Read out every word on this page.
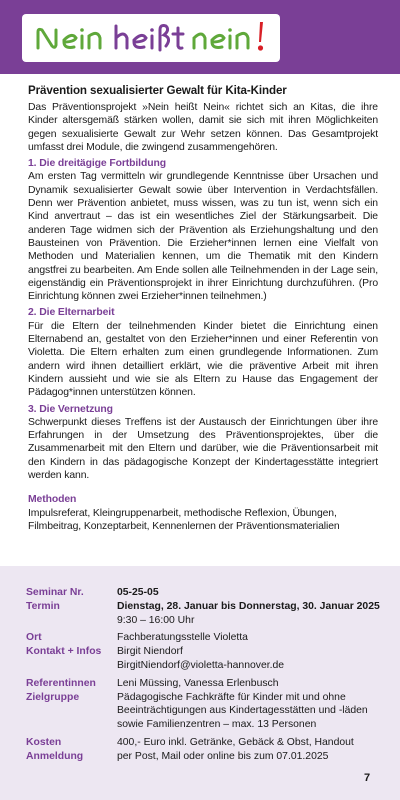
Prävention sexualisierter Gewalt für Kita-Kinder

Das Präventionsprojekt »Nein heißt Nein« richtet sich an Kitas, die ihre Kinder altersgemäß stärken wollen, damit sie sich mit ihren Möglichkeiten gegen sexualisierte Gewalt zur Wehr setzen können. Das Gesamtprojekt umfasst drei Module, die zwingend zusammengehören.

1. Die dreitägige Fortbildung

Am ersten Tag vermitteln wir grundlegende Kenntnisse über Ursachen und Dynamik sexualisierter Gewalt sowie über Intervention in Verdachtsfällen. Denn wer Prävention anbietet, muss wissen, was zu tun ist, wenn sich ein Kind anvertraut – das ist ein wesentliches Ziel der Stärkungsarbeit. Die anderen Tage widmen sich der Prävention als Erziehungshaltung und den Bausteinen von Prävention. Die Erzieher*innen lernen eine Vielfalt von Methoden und Materialien kennen, um die Thematik mit den Kindern angstfrei zu bearbeiten. Am Ende sollen alle Teilnehmenden in der Lage sein, eigenständig ein Präventionsprojekt in ihrer Einrichtung durchzuführen. (Pro Einrichtung können zwei Erzieher*innen teilnehmen.)

2. Die Elternarbeit

Für die Eltern der teilnehmenden Kinder bietet die Einrichtung einen Elternabend an, gestaltet von den Erzieher*innen und einer Referentin von Violetta. Die Eltern erhalten zum einen grundlegende Informationen. Zum andern wird ihnen detailliert erklärt, wie die präventive Arbeit mit ihren Kindern aussieht und wie sie als Eltern zu Hause das Engagement der Pädagog*innen unterstützen können.

3. Die Vernetzung

Schwerpunkt dieses Treffens ist der Austausch der Einrichtungen über ihre Erfahrungen in der Umsetzung des Präventionsprojektes, über die Zusammenarbeit mit den Eltern und darüber, wie die Präventionsarbeit mit den Kindern in das pädagogische Konzept der Kindertagesstätte integriert werden kann.

Methoden

Impulsreferat, Kleingruppenarbeit, methodische Reflexion, Übungen, Filmbeitrag, Konzeptarbeit, Kennenlernen der Präventionsmaterialien

Seminar Nr.	05-25-05
Termin	Dienstag, 28. Januar bis Donnerstag, 30. Januar 2025
9:30 – 16:00 Uhr
Ort	Fachberatungsstelle Violetta
Kontakt + Infos	Birgit Niendorf
BirgitNiendorf@violetta-hannover.de
Referentinnen	Leni Müssing, Vanessa Erlenbusch
Zielgruppe	Pädagogische Fachkräfte für Kinder mit und ohne Beeinträchtigungen aus Kindertagesstätten und -läden sowie Familienzentren – max. 13 Personen
Kosten	400,- Euro inkl. Getränke, Gebäck & Obst, Handout
Anmeldung	per Post, Mail oder online bis zum 07.01.2025
7
